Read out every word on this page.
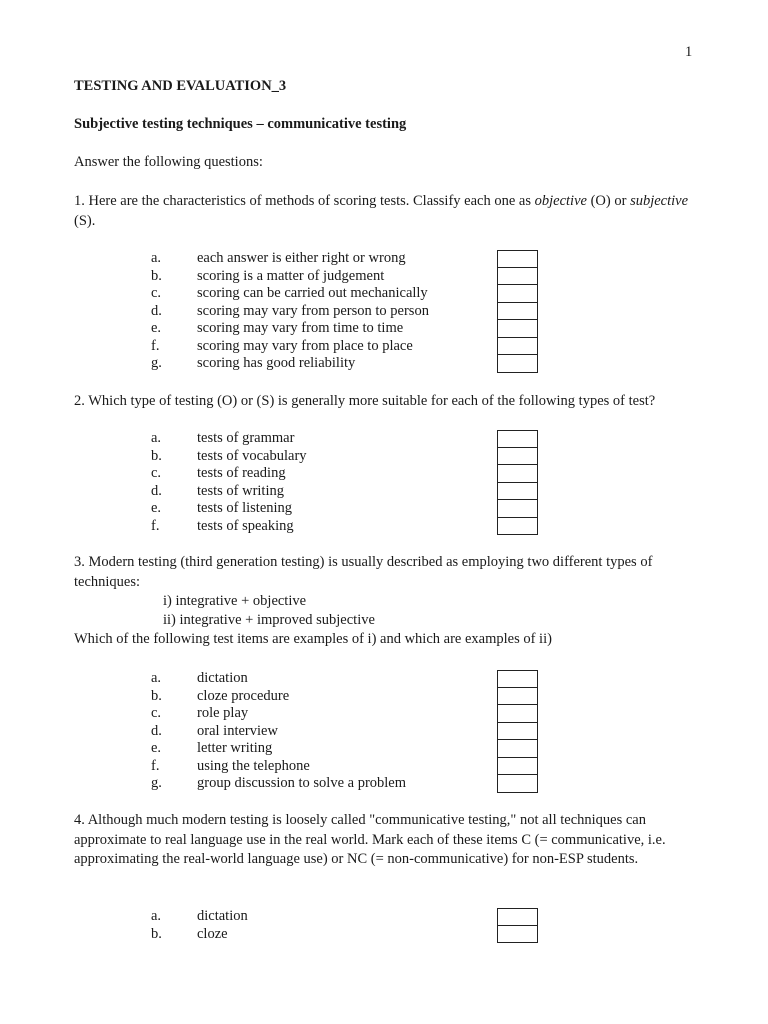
1
TESTING AND EVALUATION_3
Subjective testing techniques – communicative testing
Answer the following questions:
1. Here are the characteristics of methods of scoring tests. Classify each one as objective (O) or subjective (S).
a. each answer is either right or wrong
b. scoring is a matter of judgement
c. scoring can be carried out mechanically
d. scoring may vary from person to person
e. scoring may vary from time to time
f.	scoring may vary from place to place
g. scoring has good reliability
2. Which type of testing (O) or (S) is generally more suitable for each of the following types of test?
a. tests of grammar
b. tests of vocabulary
c. tests of reading
d. tests of writing
e. tests of listening
f.	tests of speaking
3. Modern testing (third generation testing) is usually described as employing two different types of techniques:
i) integrative + objective
ii) integrative + improved subjective
Which of the following test items are examples of i) and which are examples of ii)
a. dictation
b. cloze procedure
c. role play
d. oral interview
e. letter writing
f.	using the telephone
g. group discussion to solve a problem
4. Although much modern testing is loosely called "communicative testing," not all techniques can approximate to real language use in the real world. Mark each of these items C (= communicative, i.e. approximating the real-world language use) or NC (= non-communicative) for non-ESP students.
a. dictation
b. cloze
